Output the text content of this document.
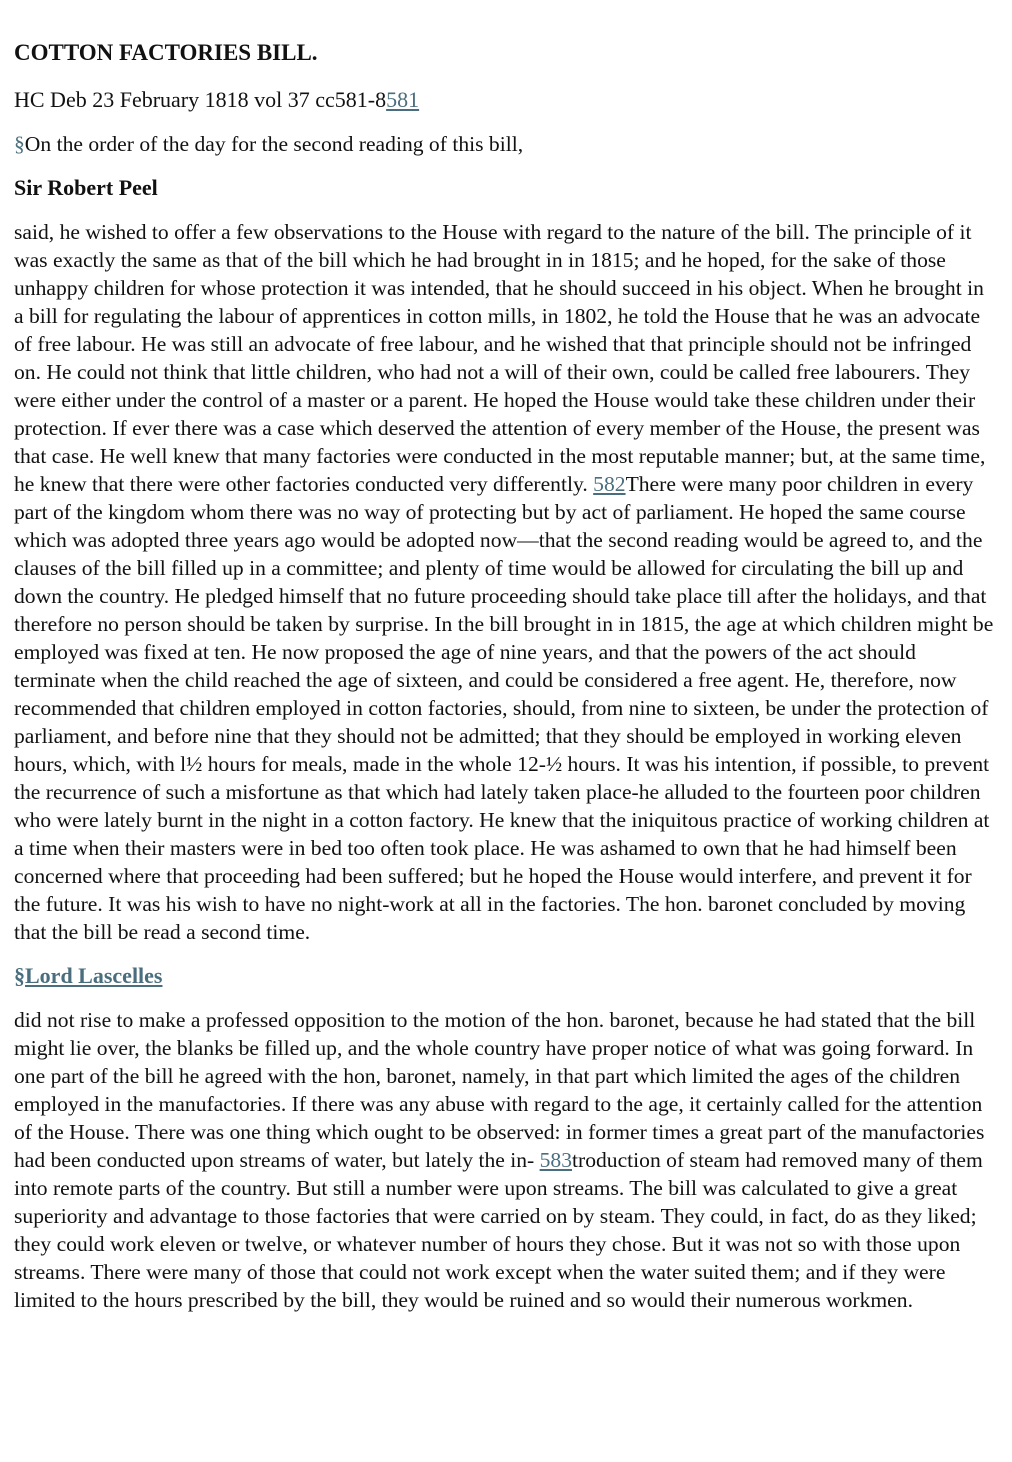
COTTON FACTORIES BILL.

HC Deb 23 February 1818 vol 37 cc581-8581

§On the order of the day for the second reading of this bill,

Sir Robert Peel

said, he wished to offer a few observations to the House with regard to the nature of the bill. The principle of it was exactly the same as that of the bill which he had brought in in 1815; and he hoped, for the sake of those unhappy children for whose protection it was intended, that he should succeed in his object. When he brought in a bill for regulating the labour of apprentices in cotton mills, in 1802, he told the House that he was an advocate of free labour. He was still an advocate of free labour, and he wished that that principle should not be infringed on. He could not think that little children, who had not a will of their own, could be called free labourers. They were either under the control of a master or a parent. He hoped the House would take these children under their protection. If ever there was a case which deserved the attention of every member of the House, the present was that case. He well knew that many factories were conducted in the most reputable manner; but, at the same time, he knew that there were other factories conducted very differently. 582There were many poor children in every part of the kingdom whom there was no way of protecting but by act of parliament. He hoped the same course which was adopted three years ago would be adopted now—that the second reading would be agreed to, and the clauses of the bill filled up in a committee; and plenty of time would be allowed for circulating the bill up and down the country. He pledged himself that no future proceeding should take place till after the holidays, and that therefore no person should be taken by surprise. In the bill brought in in 1815, the age at which children might be employed was fixed at ten. He now proposed the age of nine years, and that the powers of the act should terminate when the child reached the age of sixteen, and could be considered a free agent. He, therefore, now recommended that children employed in cotton factories, should, from nine to sixteen, be under the protection of parliament, and before nine that they should not be admitted; that they should be employed in working eleven hours, which, with l½ hours for meals, made in the whole 12-½ hours. It was his intention, if possible, to prevent the recurrence of such a misfortune as that which had lately taken place-he alluded to the fourteen poor children who were lately burnt in the night in a cotton factory. He knew that the iniquitous practice of working children at a time when their masters were in bed too often took place. He was ashamed to own that he had himself been concerned where that proceeding had been suffered; but he hoped the House would interfere, and prevent it for the future. It was his wish to have no night-work at all in the factories. The hon. baronet concluded by moving that the bill be read a second time.

§Lord Lascelles

did not rise to make a professed opposition to the motion of the hon. baronet, because he had stated that the bill might lie over, the blanks be filled up, and the whole country have proper notice of what was going forward. In one part of the bill he agreed with the hon, baronet, namely, in that part which limited the ages of the children employed in the manufactories. If there was any abuse with regard to the age, it certainly called for the attention of the House. There was one thing which ought to be observed: in former times a great part of the manufactories had been conducted upon streams of water, but lately the in- 583troduction of steam had removed many of them into remote parts of the country. But still a number were upon streams. The bill was calculated to give a great superiority and advantage to those factories that were carried on by steam. They could, in fact, do as they liked; they could work eleven or twelve, or whatever number of hours they chose. But it was not so with those upon streams. There were many of those that could not work except when the water suited them; and if they were limited to the hours prescribed by the bill, they would be ruined and so would their numerous workmen.
